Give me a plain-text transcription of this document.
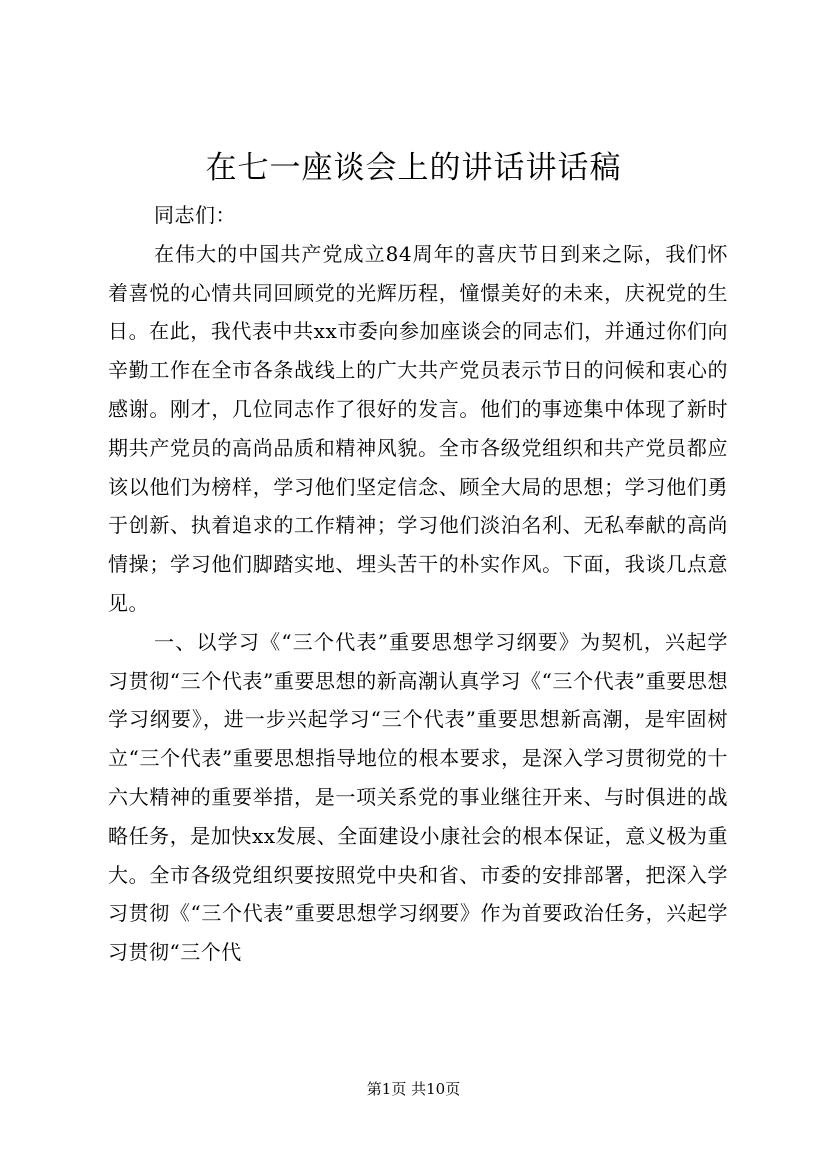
在七一座谈会上的讲话讲话稿

同志们：

在伟大的中国共产党成立84周年的喜庆节日到来之际，我们怀着喜悦的心情共同回顾党的光辉历程，憧憬美好的未来，庆祝党的生日。在此，我代表中共xx市委向参加座谈会的同志们，并通过你们向辛勤工作在全市各条战线上的广大共产党员表示节日的问候和衷心的感谢。刚才，几位同志作了很好的发言。他们的事迹集中体现了新时期共产党员的高尚品质和精神风貌。全市各级党组织和共产党员都应该以他们为榜样，学习他们坚定信念、顾全大局的思想；学习他们勇于创新、执着追求的工作精神；学习他们淡泊名利、无私奉献的高尚情操；学习他们脚踏实地、埋头苦干的朴实作风。下面，我谈几点意见。

一、以学习《“三个代表”重要思想学习纲要》为契机，兴起学习贯彻“三个代表”重要思想的新高潮认真学习《“三个代表”重要思想学习纲要》，进一步兴起学习“三个代表”重要思想新高潮，是牢固树立“三个代表”重要思想指导地位的根本要求，是深入学习贯彻党的十六大精神的重要举措，是一项关系党的事业继往开来、与时俱进的战略任务，是加快xx发展、全面建设小康社会的根本保证，意义极为重大。全市各级党组织要按照党中央和省、市委的安排部署，把深入学习贯彻《“三个代表”重要思想学习纲要》作为首要政治任务，兴起学习贯彻“三个代

第1页 共10页
